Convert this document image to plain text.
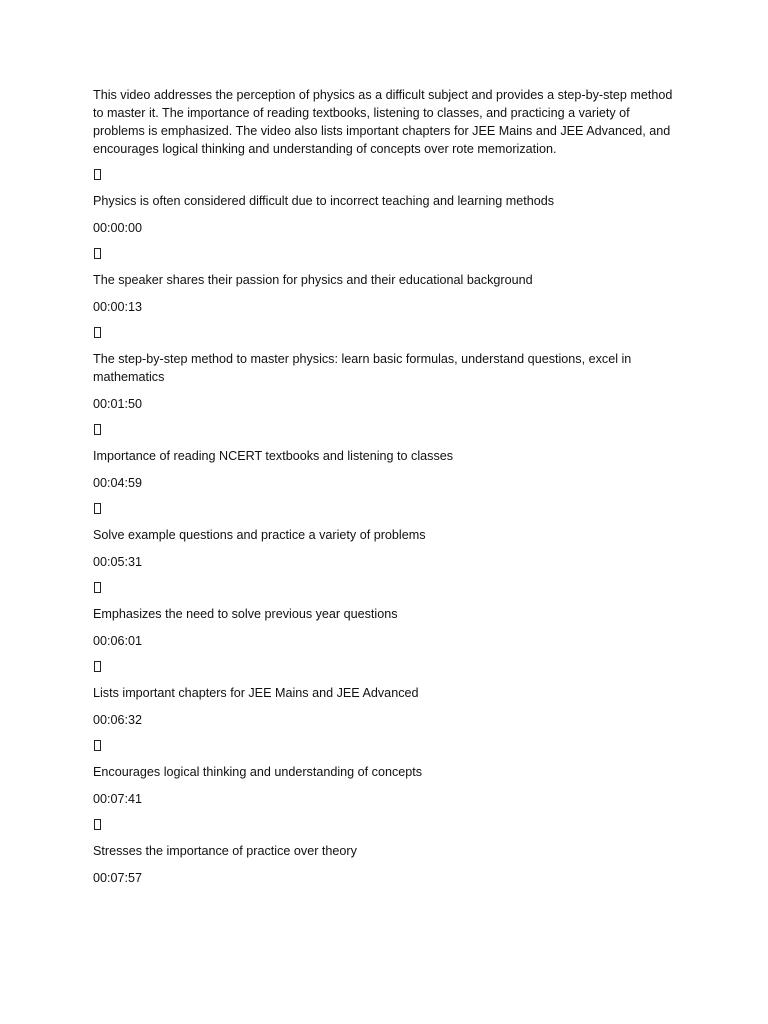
This video addresses the perception of physics as a difficult subject and provides a step-by-step method to master it. The importance of reading textbooks, listening to classes, and practicing a variety of problems is emphasized. The video also lists important chapters for JEE Mains and JEE Advanced, and encourages logical thinking and understanding of concepts over rote memorization.

Physics is often considered difficult due to incorrect teaching and learning methods

00:00:00

The speaker shares their passion for physics and their educational background

00:00:13

The step-by-step method to master physics: learn basic formulas, understand questions, excel in mathematics

00:01:50

Importance of reading NCERT textbooks and listening to classes

00:04:59

Solve example questions and practice a variety of problems

00:05:31

Emphasizes the need to solve previous year questions

00:06:01

Lists important chapters for JEE Mains and JEE Advanced

00:06:32

Encourages logical thinking and understanding of concepts

00:07:41

Stresses the importance of practice over theory

00:07:57
